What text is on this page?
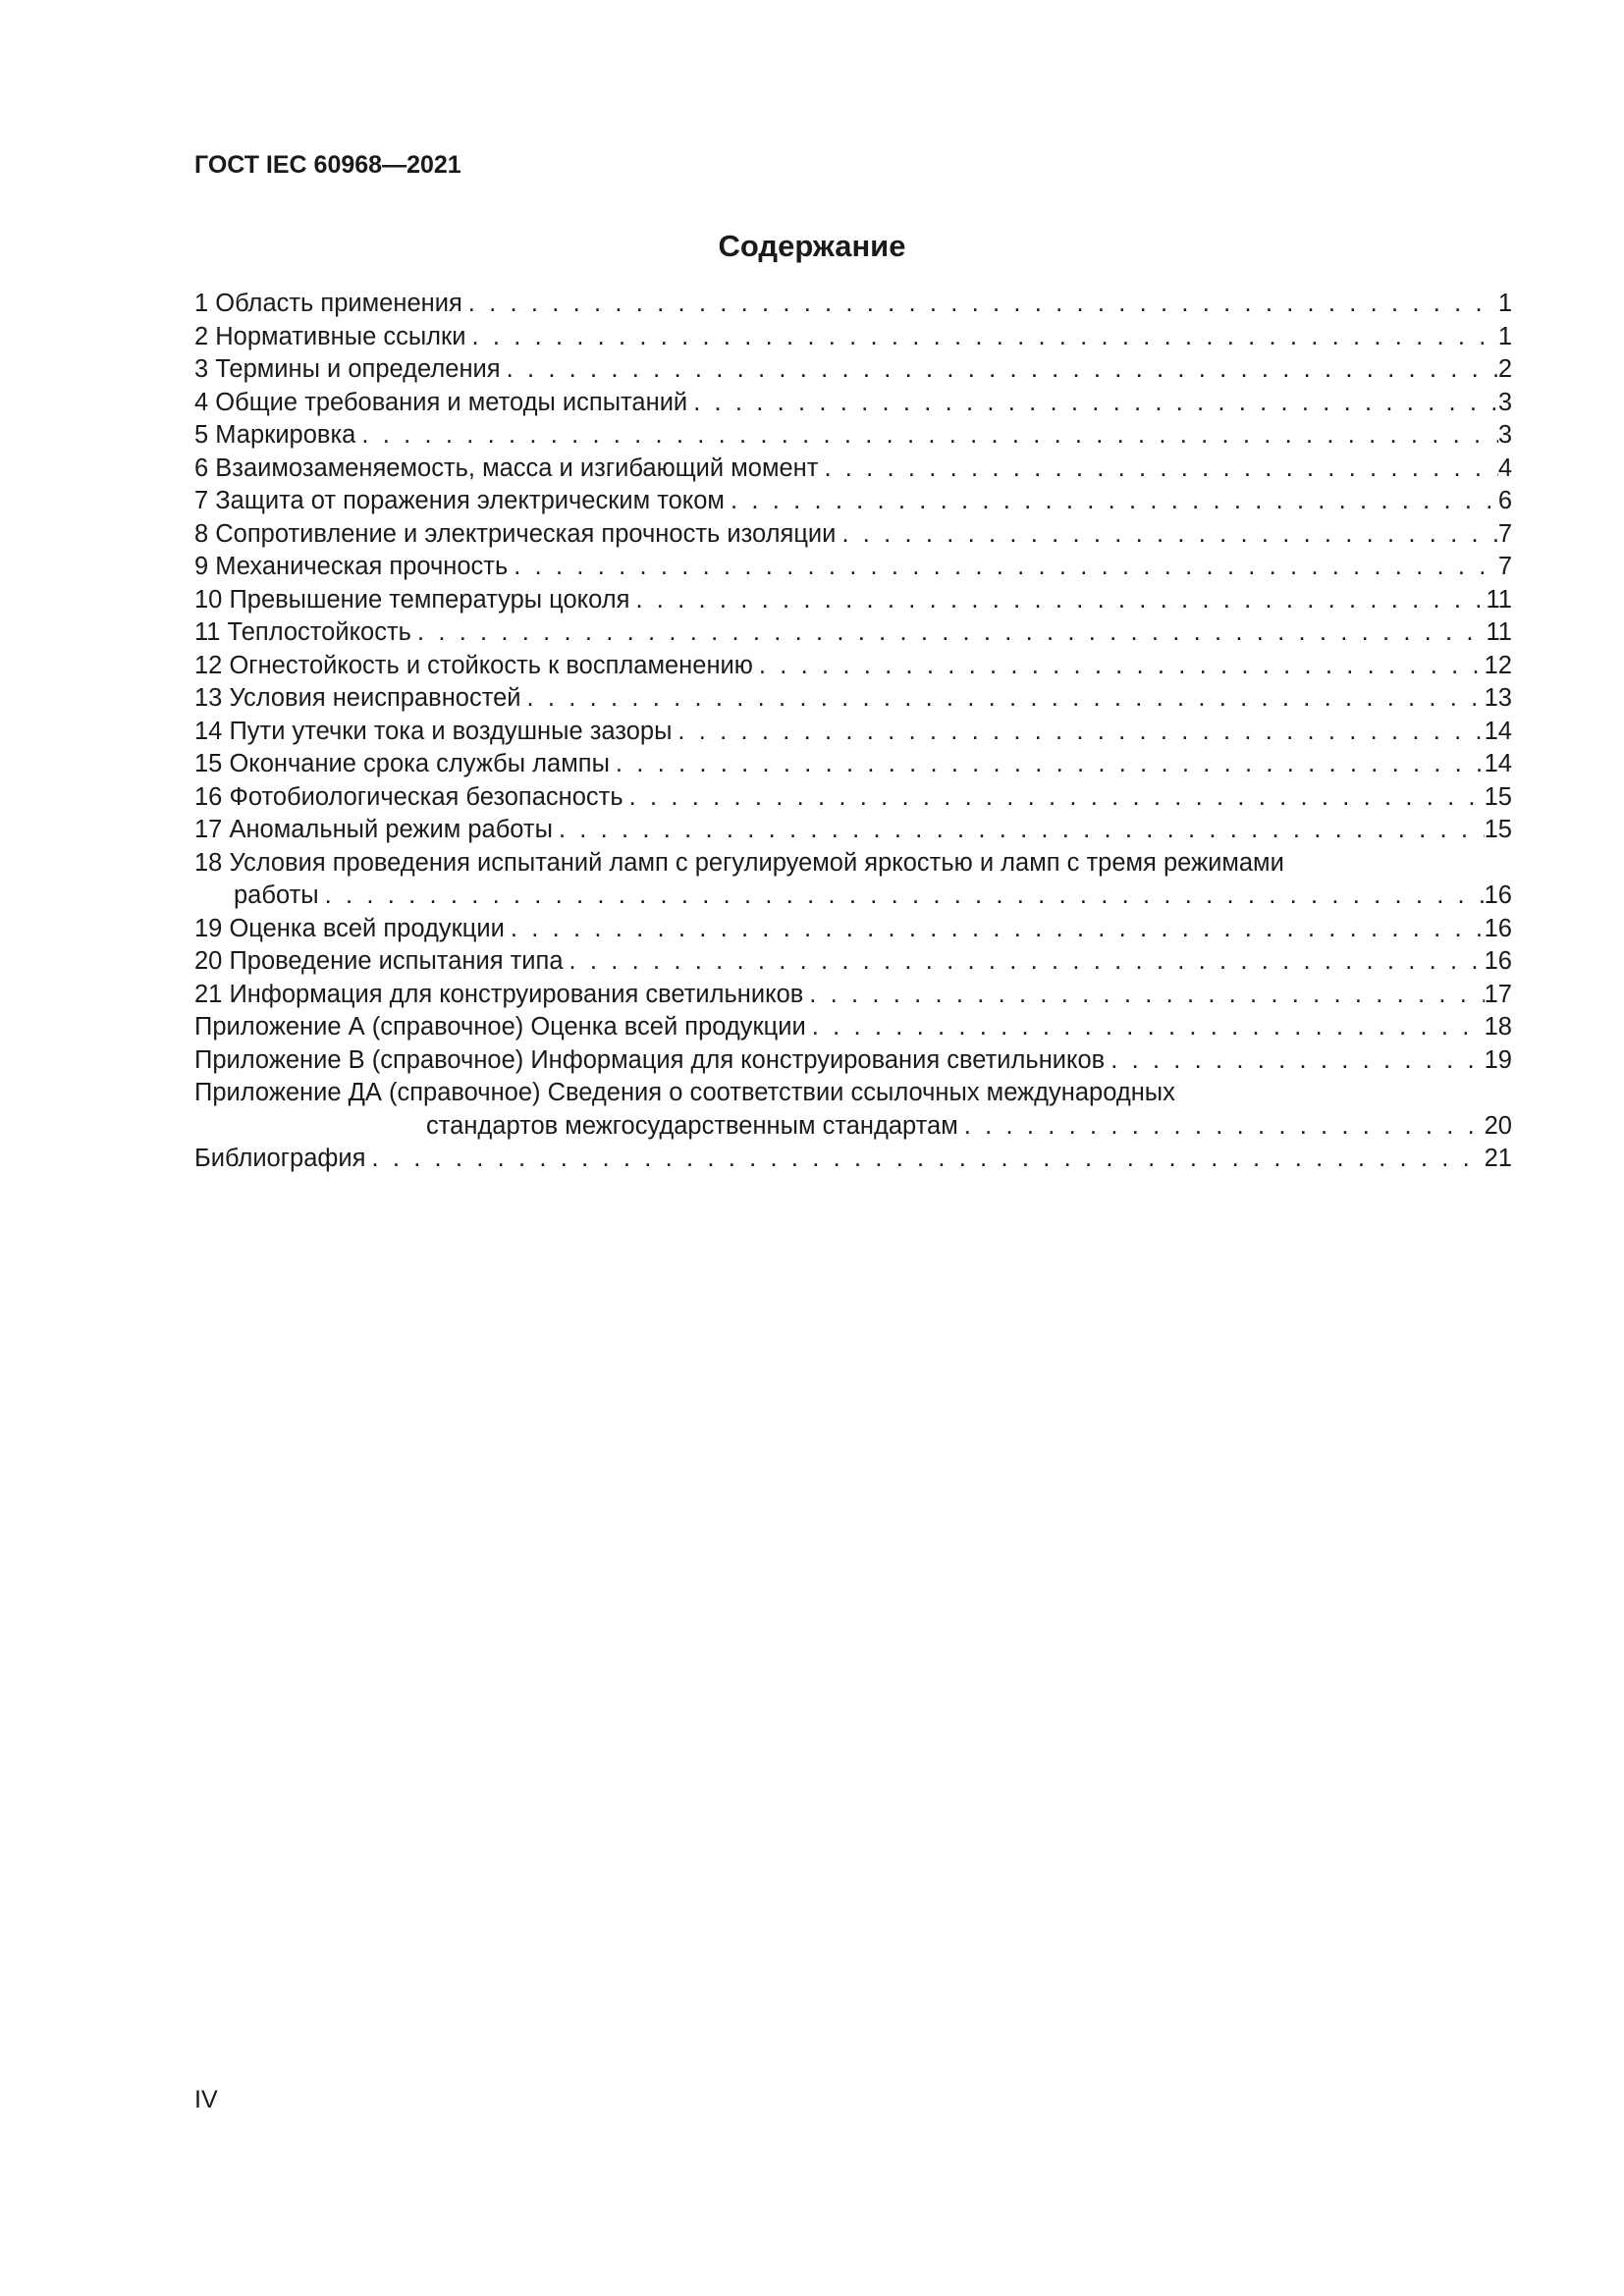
ГОСТ IEC 60968—2021
Содержание
1 Область применения . . .	1
2 Нормативные ссылки . . .	1
3 Термины и определения . . .	2
4 Общие требования и методы испытаний . . .	3
5 Маркировка . . .	3
6 Взаимозаменяемость, масса и изгибающий момент . . .	4
7 Защита от поражения электрическим током . . .	6
8 Сопротивление и электрическая прочность изоляции . . .	7
9 Механическая прочность . . .	7
10 Превышение температуры цоколя . . .	11
11 Теплостойкость . . .	11
12 Огнестойкость и стойкость к воспламенению . . .	12
13 Условия неисправностей . . .	13
14 Пути утечки тока и воздушные зазоры . . .	14
15 Окончание срока службы лампы . . .	14
16 Фотобиологическая безопасность . . .	15
17 Аномальный режим работы . . .	15
18 Условия проведения испытаний ламп с регулируемой яркостью и ламп с тремя режимами
работы . . .	16
19 Оценка всей продукции . . .	16
20 Проведение испытания типа . . .	16
21 Информация для конструирования светильников . . .	17
Приложение А (справочное) Оценка всей продукции . . .	18
Приложение В (справочное) Информация для конструирования светильников . . .	19
Приложение ДА (справочное) Сведения о соответствии ссылочных международных
стандартов межгосударственным стандартам . . .	20
Библиография . . .	21
IV
